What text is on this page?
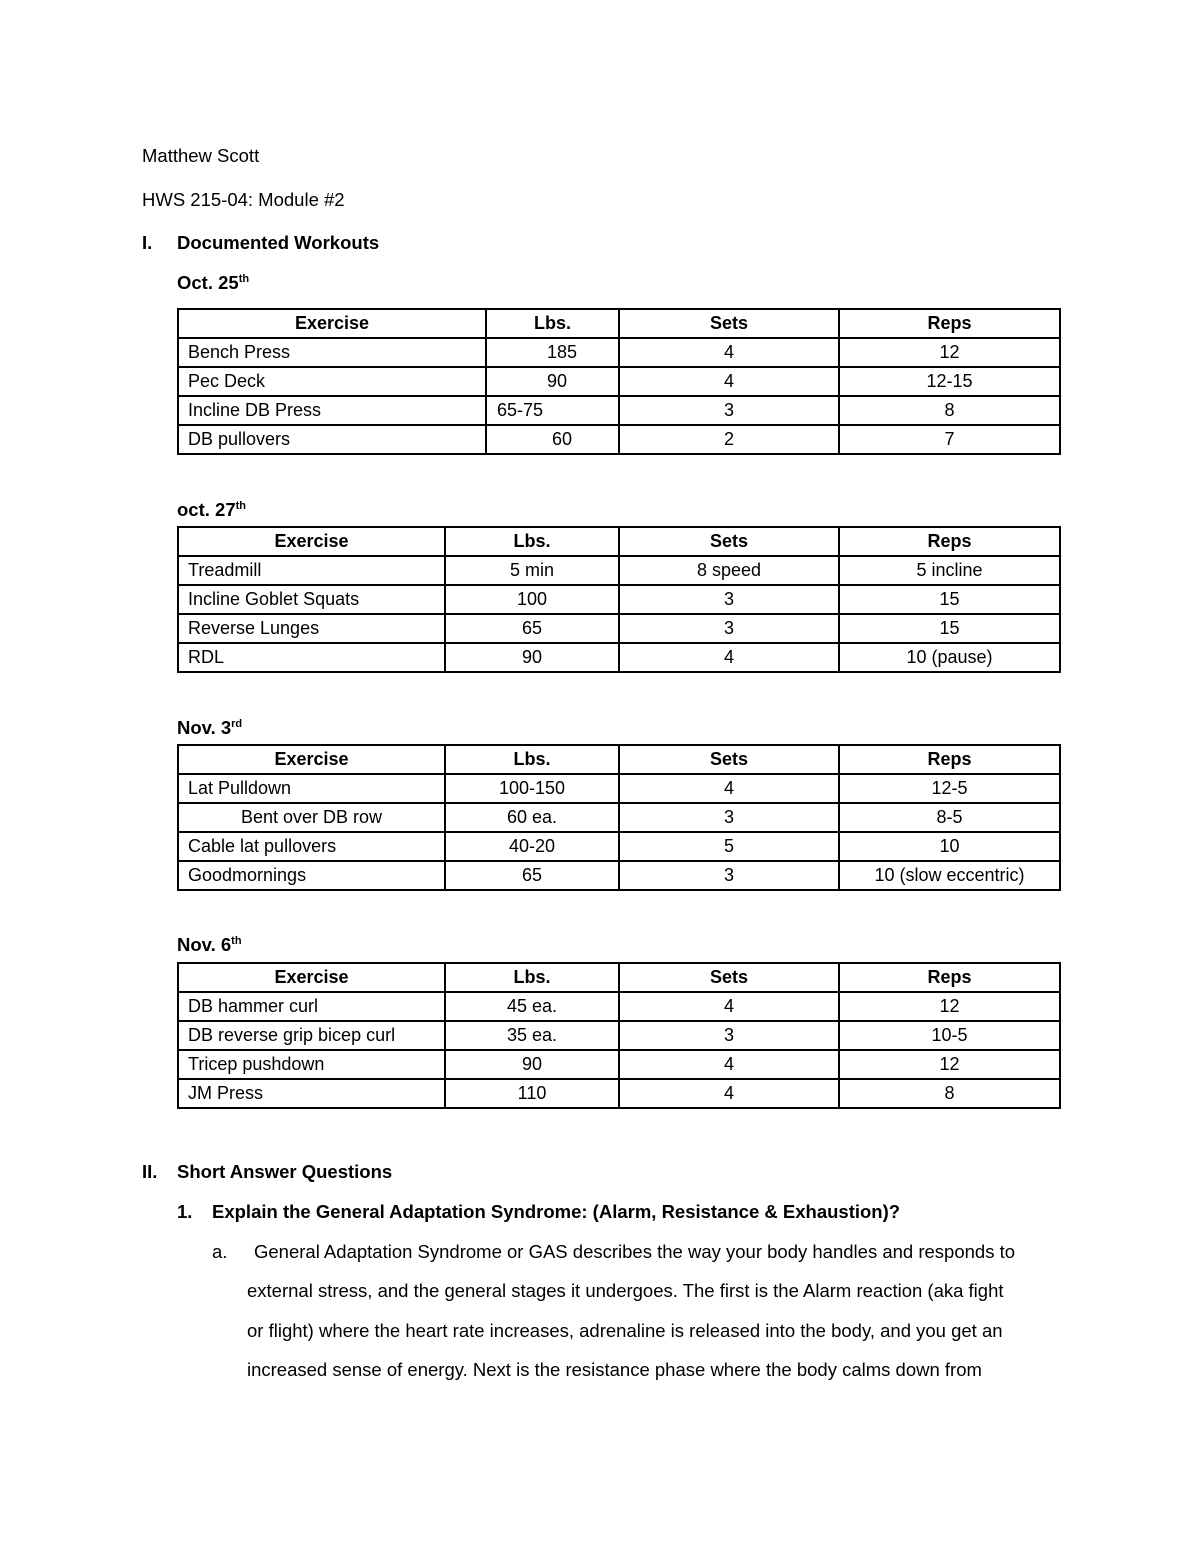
Matthew Scott
HWS 215-04: Module #2
I. Documented Workouts
Oct. 25th
Exercise	Lbs.	Sets	Reps
Bench Press	185	4	12
Pec Deck	90	4	12-15
Incline DB Press	65-75	3	8
DB pullovers	60	2	7
oct. 27th
Exercise	Lbs.	Sets	Reps
Treadmill	5 min	8 speed	5 incline
Incline Goblet Squats	100	3	15
Reverse Lunges	65	3	15
RDL	90	4	10 (pause)
Nov. 3rd
Exercise	Lbs.	Sets	Reps
Lat Pulldown	100-150	4	12-5
Bent over DB row	60 ea.	3	8-5
Cable lat pullovers	40-20	5	10
Goodmornings	65	3	10 (slow eccentric)
Nov. 6th
Exercise	Lbs.	Sets	Reps
DB hammer curl	45 ea.	4	12
DB reverse grip bicep curl	35 ea.	3	10-5
Tricep pushdown	90	4	12
JM Press	110	4	8
II. Short Answer Questions
1. Explain the General Adaptation Syndrome: (Alarm, Resistance & Exhaustion)?
a. General Adaptation Syndrome or GAS describes the way your body handles and responds to
external stress, and the general stages it undergoes. The first is the Alarm reaction (aka fight
or flight) where the heart rate increases, adrenaline is released into the body, and you get an
increased sense of energy. Next is the resistance phase where the body calms down from
